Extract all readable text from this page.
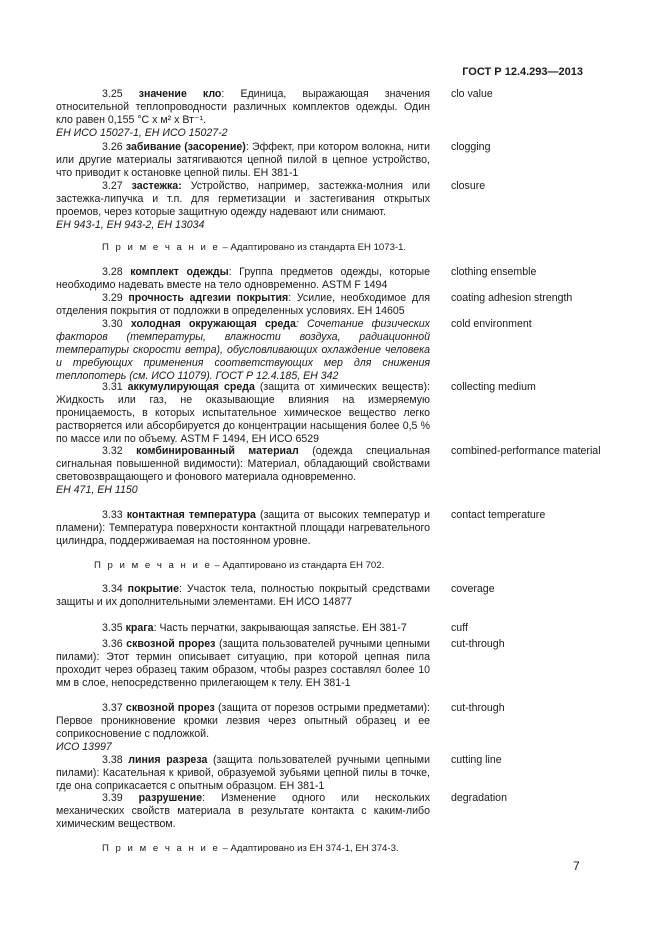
ГОСТ Р 12.4.293—2013
3.25 значение кло: Единица, выражающая значения относительной теплопроводности различных комплектов одежды. Один кло равен 0,155 °C x м² x Вт⁻¹.
ЕН ИСО 15027-1, ЕН ИСО 15027-2
clo value
3.26 забивание (засорение): Эффект, при котором волокна, нити или другие материалы затягиваются цепной пилой в цепное устройство, что приводит к остановке цепной пилы. ЕН 381-1
clogging
3.27 застежка: Устройство, например, застежка-молния или застежка-липучка и т.п. для герметизации и застегивания открытых проемов, через которые защитную одежду надевают или снимают.
ЕН 943-1, ЕН 943-2, ЕН 13034
closure
П р и м е ч а н и е – Адаптировано из стандарта ЕН 1073-1.
3.28 комплект одежды: Группа предметов одежды, которые необходимо надевать вместе на тело одновременно. ASTM F 1494
clothing ensemble
3.29 прочность адгезии покрытия: Усилие, необходимое для отделения покрытия от подложки в определенных условиях. ЕН 14605
coating adhesion strength
3.30 холодная окружающая среда: Сочетание физических факторов (температуры, влажности воздуха, радиационной температуры скорости ветра), обусловливающих охлаждение человека и требующих применения соответствующих мер для снижения теплопотерь (см. ИСО 11079). ГОСТ Р 12.4.185, ЕН 342
cold environment
3.31 аккумулирующая среда (защита от химических веществ): Жидкость или газ, не оказывающие влияния на измеряемую проницаемость, в которых испытательное химическое вещество легко растворяется или абсорбируется до концентрации насыщения более 0,5 % по массе или по объему. ASTM F 1494, ЕН ИСО 6529
collecting medium
3.32 комбинированный материал (одежда специальная сигнальная повышенной видимости): Материал, обладающий свойствами световозвращающего и фонового материала одновременно.
ЕН 471, ЕН 1150
combined-performance material
3.33 контактная температура (защита от высоких температур и пламени): Температура поверхности контактной площади нагревательного цилиндра, поддерживаемая на постоянном уровне.
contact temperature
П р и м е ч а н и е – Адаптировано из стандарта ЕН 702.
3.34 покрытие: Участок тела, полностью покрытый средствами защиты и их дополнительными элементами. ЕН ИСО 14877
coverage
3.35 крага: Часть перчатки, закрывающая запястье. ЕН 381-7	cuff
3.36 сквозной прорез (защита пользователей ручными цепными пилами): Этот термин описывает ситуацию, при которой цепная пила проходит через образец таким образом, чтобы разрез составлял более 10 мм в слое, непосредственно прилегающем к телу. ЕН 381-1
cut-through
3.37 сквозной прорез (защита от порезов острыми предметами): Первое проникновение кромки лезвия через опытный образец и ее соприкосновение с подложкой.
ИСО 13997
cut-through
3.38 линия разреза (защита пользователей ручными цепными пилами): Касательная к кривой, образуемой зубьями цепной пилы в точке, где она соприкасается с опытным образцом. ЕН 381-1
cutting line
3.39 разрушение: Изменение одного или нескольких механических свойств материала в результате контакта с каким-либо химическим веществом.
degradation
П р и м е ч а н и е – Адаптировано из ЕН 374-1, ЕН 374-3.
7
